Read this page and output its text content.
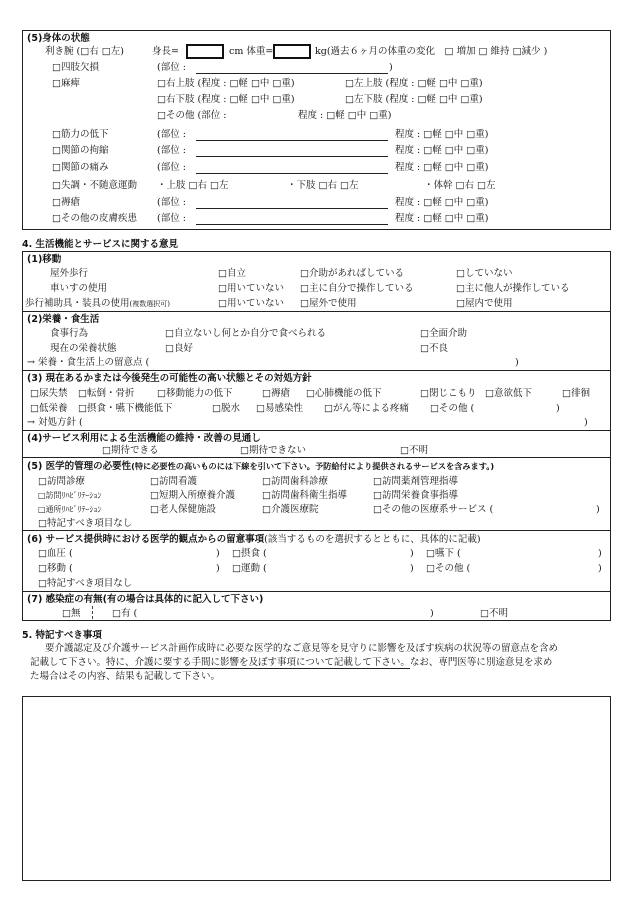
(5)身体の状態
利き腕 (□右 □左)	身長=	cm 体重=	kg(過去６ヶ月の体重の変化　□ 増加 □ 維持 □減少 )
□四肢欠損	(部位 :	)
□麻痺	□右上肢 (程度 : □軽 □中 □重)	□左上肢 (程度 : □軽 □中 □重)
□右下肢 (程度 : □軽 □中 □重)	□左下肢 (程度 : □軽 □中 □重)
□その他 (部位 :	程度 : □軽 □中 □重)
□筋力の低下	(部位 :	程度 : □軽 □中 □重)
□関節の拘縮	(部位 :	程度 : □軽 □中 □重)
□関節の痛み	(部位 :	程度 : □軽 □中 □重)
□失調・不随意運動 ・上肢 □右 □左	・下肢 □右 □左	・体幹 □右 □左
□褥瘡	(部位 :	程度 : □軽 □中 □重)
□その他の皮膚疾患 (部位 :	程度 : □軽 □中 □重)
4. 生活機能とサービスに関する意見
(1)移動
屋外歩行	□自立	□介助があればしている	□していない
車いすの使用	□用いていない □主に自分で操作している	□主に他人が操作している
歩行補助具・装具の使用(複数選択可)	□用いていない □屋外で使用	□屋内で使用
(2)栄養・食生活
食事行為	□自立ないし何とか自分で食べられる	□全面介助
現在の栄養状態	□良好	□不良
→ 栄養・食生活上の留意点 (	)
(3) 現在あるかまたは今後発生の可能性の高い状態とその対処方針
□尿失禁 □転倒・骨折 □移動能力の低下	□褥瘡 □心肺機能の低下	□閉じこもり □意欲低下	□徘徊
□低栄養 □摂食・嚥下機能低下	□脱水 □易感染性 □がん等による疼痛 □その他 (	)
→ 対処方針 (	)
(4)サービス利用による生活機能の維持・改善の見通し
□期待できる	□期待できない	□不明
(5) 医学的管理の必要性(特に必要性の高いものには下線を引いて下さい。予防給付により提供されるサービスを含みます。)
□訪問診療	□訪問看護	□訪問歯科診療	□訪問薬剤管理指導
□訪問ﾘﾊﾋﾞﾘﾃｰｼｮﾝ	□短期入所療養介護	□訪問歯科衛生指導	□訪問栄養食事指導
□通所ﾘﾊﾋﾞﾘﾃｰｼｮﾝ	□老人保健施設	□介護医療院	□その他の医療系サービス (	)
□特記すべき項目なし
(6) サービス提供時における医学的観点からの留意事項(該当するものを選択するとともに、具体的に記載)
□血圧 (	) □摂食 (	) □嚥下 (	)
□移動 (	) □運動 (	) □その他 (	)
□特記すべき項目なし
(7) 感染症の有無(有の場合は具体的に記入して下さい)
□無	□有 (	)	□不明
5. 特記すべき事項
要介護認定及び介護サービス計画作成時に必要な医学的なご意見等を見守りに影響を及ぼす疾病の状況等の留意点を含め
記載して下さい。特に、介護に要する手間に影響を及ぼす事項について記載して下さい。なお、専門医等に別途意見を求め
た場合はその内容、結果も記載して下さい。
